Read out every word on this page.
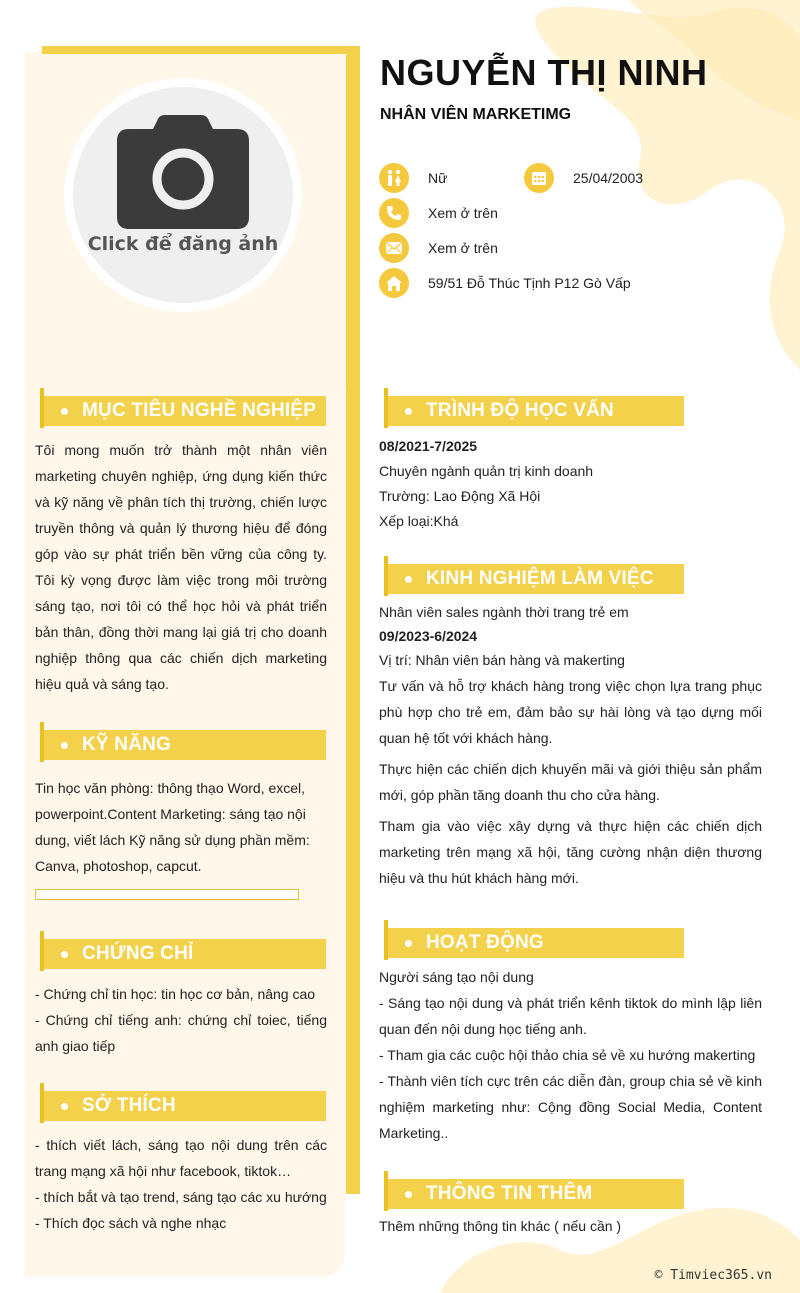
Click để đăng ảnh
NGUYỄN THỊ NINH
NHÂN VIÊN MARKETIMG
Nữ	25/04/2003
Xem ở trên
Xem ở trên
59/51 Đỗ Thúc Tịnh P12 Gò Vấp
MỤC TIÊU NGHỀ NGHIỆP
Tôi mong muốn trở thành một nhân viên marketing chuyên nghiệp, ứng dụng kiến thức và kỹ năng về phân tích thị trường, chiến lược truyền thông và quản lý thương hiệu để đóng góp vào sự phát triển bền vững của công ty. Tôi kỳ vọng được làm việc trong môi trường sáng tạo, nơi tôi có thể học hỏi và phát triển bản thân, đồng thời mang lại giá trị cho doanh nghiệp thông qua các chiến dịch marketing hiệu quả và sáng tạo.
KỸ NĂNG
Tin học văn phòng: thông thạo Word, excel, powerpoint.Content Marketing: sáng tạo nội dung, viết lách Kỹ năng sử dụng phần mềm: Canva, photoshop, capcut.
CHỨNG CHỈ
- Chứng chỉ tin học: tin học cơ bản, nâng cao
- Chứng chỉ tiếng anh: chứng chỉ toiec, tiếng anh giao tiếp
SỞ THÍCH
- thích viết lách, sáng tạo nội dung trên các trang mạng xã hội như facebook, tiktok…
- thích bắt và tạo trend, sáng tạo các xu hướng
- Thích đọc sách và nghe nhạc
TRÌNH ĐỘ HỌC VẤN
08/2021-7/2025
Chuyên ngành quản trị kinh doanh
Trường: Lao Động Xã Hội
Xếp loại:Khá
KINH NGHIỆM LÀM VIỆC
Nhân viên sales ngành thời trang trẻ em
09/2023-6/2024
Vị trí: Nhân viên bán hàng và makerting
Tư vấn và hỗ trợ khách hàng trong việc chọn lựa trang phục phù hợp cho trẻ em, đảm bảo sự hài lòng và tạo dựng mối quan hệ tốt với khách hàng.
Thực hiện các chiến dịch khuyến mãi và giới thiệu sản phẩm mới, góp phần tăng doanh thu cho cửa hàng.
Tham gia vào việc xây dựng và thực hiện các chiến dịch marketing trên mạng xã hội, tăng cường nhận diện thương hiệu và thu hút khách hàng mới.
HOẠT ĐỘNG
Người sáng tạo nội dung
- Sáng tạo nội dung và phát triển kênh tiktok do mình lập liên quan đến nội dung học tiếng anh.
- Tham gia các cuộc hội thảo chia sẻ về xu hướng makerting
- Thành viên tích cực trên các diễn đàn, group chia sẻ về kinh nghiệm marketing như: Cộng đồng Social Media, Content Marketing..
THÔNG TIN THÊM
Thêm những thông tin khác ( nếu cần )
© Timviec365.vn
